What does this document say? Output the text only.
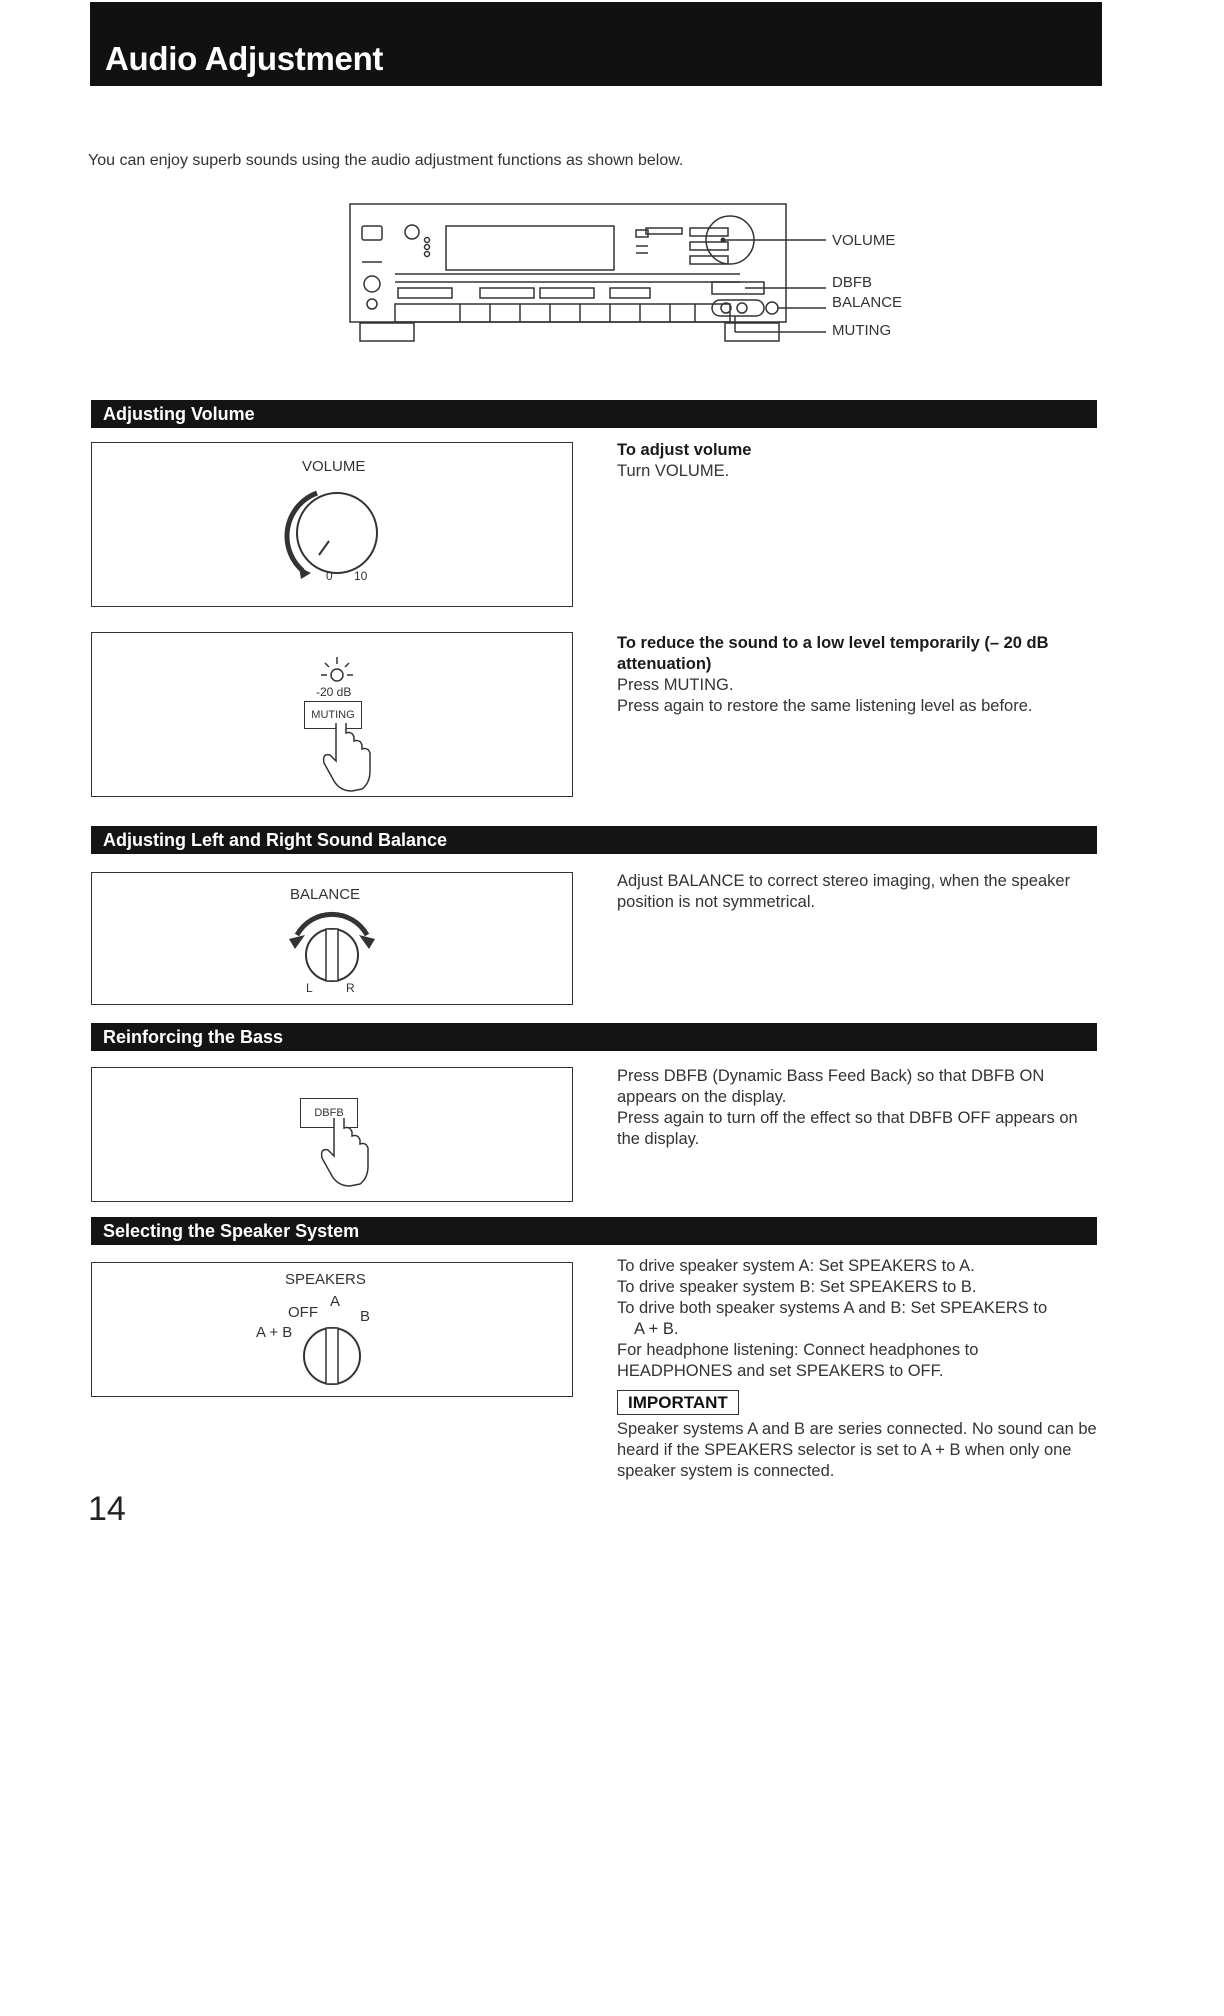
Audio Adjustment
You can enjoy superb sounds using the audio adjustment functions as shown below.
VOLUME
DBFB
BALANCE
MUTING
Adjusting Volume
VOLUME
0 10
To adjust volume
Turn VOLUME.
-20 dB
MUTING
To reduce the sound to a low level temporarily (– 20 dB attenuation)
Press MUTING.
Press again to restore the same listening level as before.
Adjusting Left and Right Sound Balance
BALANCE
L	R
Adjust BALANCE to correct stereo imaging, when the speaker position is not symmetrical.
Reinforcing the Bass
DBFB
Press DBFB (Dynamic Bass Feed Back) so that DBFB ON appears on the display.
Press again to turn off the effect so that DBFB OFF appears on the display.
Selecting the Speaker System
SPEAKERS
OFF
A
B
A + B
To drive speaker system A: Set SPEAKERS to A.
To drive speaker system B: Set SPEAKERS to B.
To drive both speaker systems A and B: Set SPEAKERS to
A + B.
For headphone listening: Connect headphones to HEADPHONES and set SPEAKERS to OFF.
IMPORTANT
Speaker systems A and B are series connected. No sound can be heard if the SPEAKERS selector is set to A + B when only one speaker system is connected.
14
